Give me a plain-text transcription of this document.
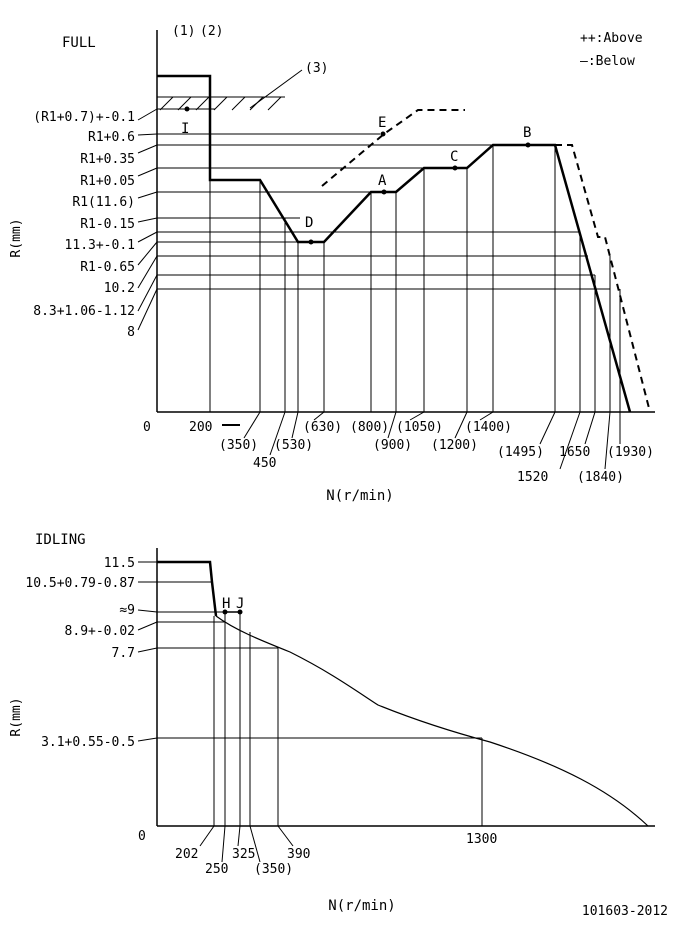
FULL
(1) (2)
(3)
++:Above
—:Below
(R1+0.7)+-0.1
R1+0.6
R1+0.35
R1+0.05
R1(11.6)
R1-0.15
11.3+-0.1
R1-0.65
10.2
8.3+1.06-1.12
8
R(mm)
0	200
(350)
450
(530)
(630) (800)
(900)
(1050)
(1200)
(1400)
(1495)
1520
1650
(1840)
(1930)
N(r/min)
I	E
D
A
C
B
IDLING
11.5
10.5+0.79-0.87
≈9
8.9+-0.02
7.7
3.1+0.55-0.5
R(mm)
0
202
250
325
(350)
390
1300
N(r/min)
H J
101603-2012
